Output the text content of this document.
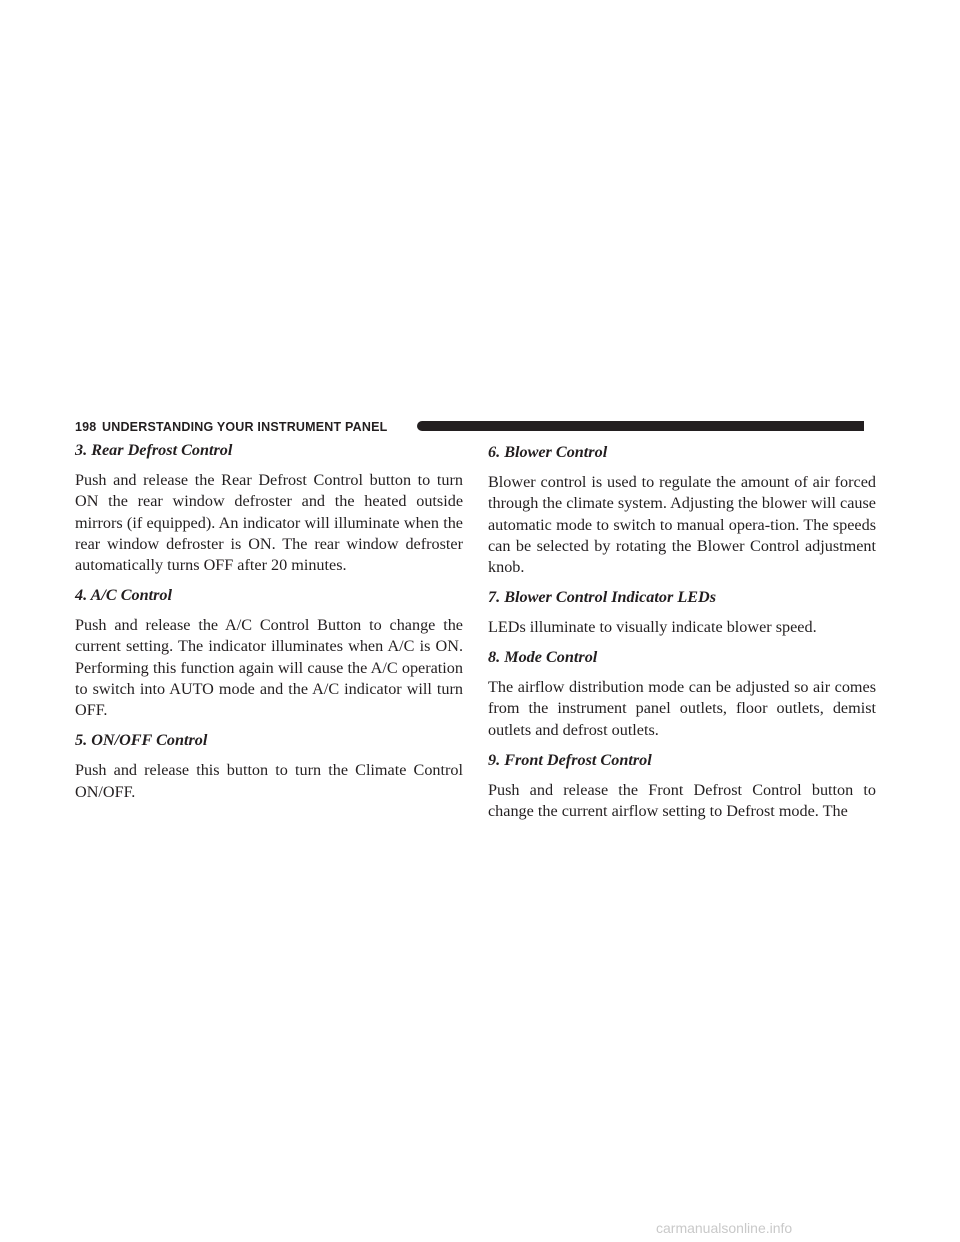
198 UNDERSTANDING YOUR INSTRUMENT PANEL
3. Rear Defrost Control
Push and release the Rear Defrost Control button to turn ON the rear window defroster and the heated outside mirrors (if equipped). An indicator will illuminate when the rear window defroster is ON. The rear window defroster automatically turns OFF after 20 minutes.
4. A/C Control
Push and release the A/C Control Button to change the current setting. The indicator illuminates when A/C is ON. Performing this function again will cause the A/C operation to switch into AUTO mode and the A/C indicator will turn OFF.
5. ON/OFF Control
Push and release this button to turn the Climate Control ON/OFF.
6. Blower Control
Blower control is used to regulate the amount of air forced through the climate system. Adjusting the blower will cause automatic mode to switch to manual opera-tion. The speeds can be selected by rotating the Blower Control adjustment knob.
7. Blower Control Indicator LEDs
LEDs illuminate to visually indicate blower speed.
8. Mode Control
The airflow distribution mode can be adjusted so air comes from the instrument panel outlets, floor outlets, demist outlets and defrost outlets.
9. Front Defrost Control
Push and release the Front Defrost Control button to change the current airflow setting to Defrost mode. The
carmanualsonline.info
